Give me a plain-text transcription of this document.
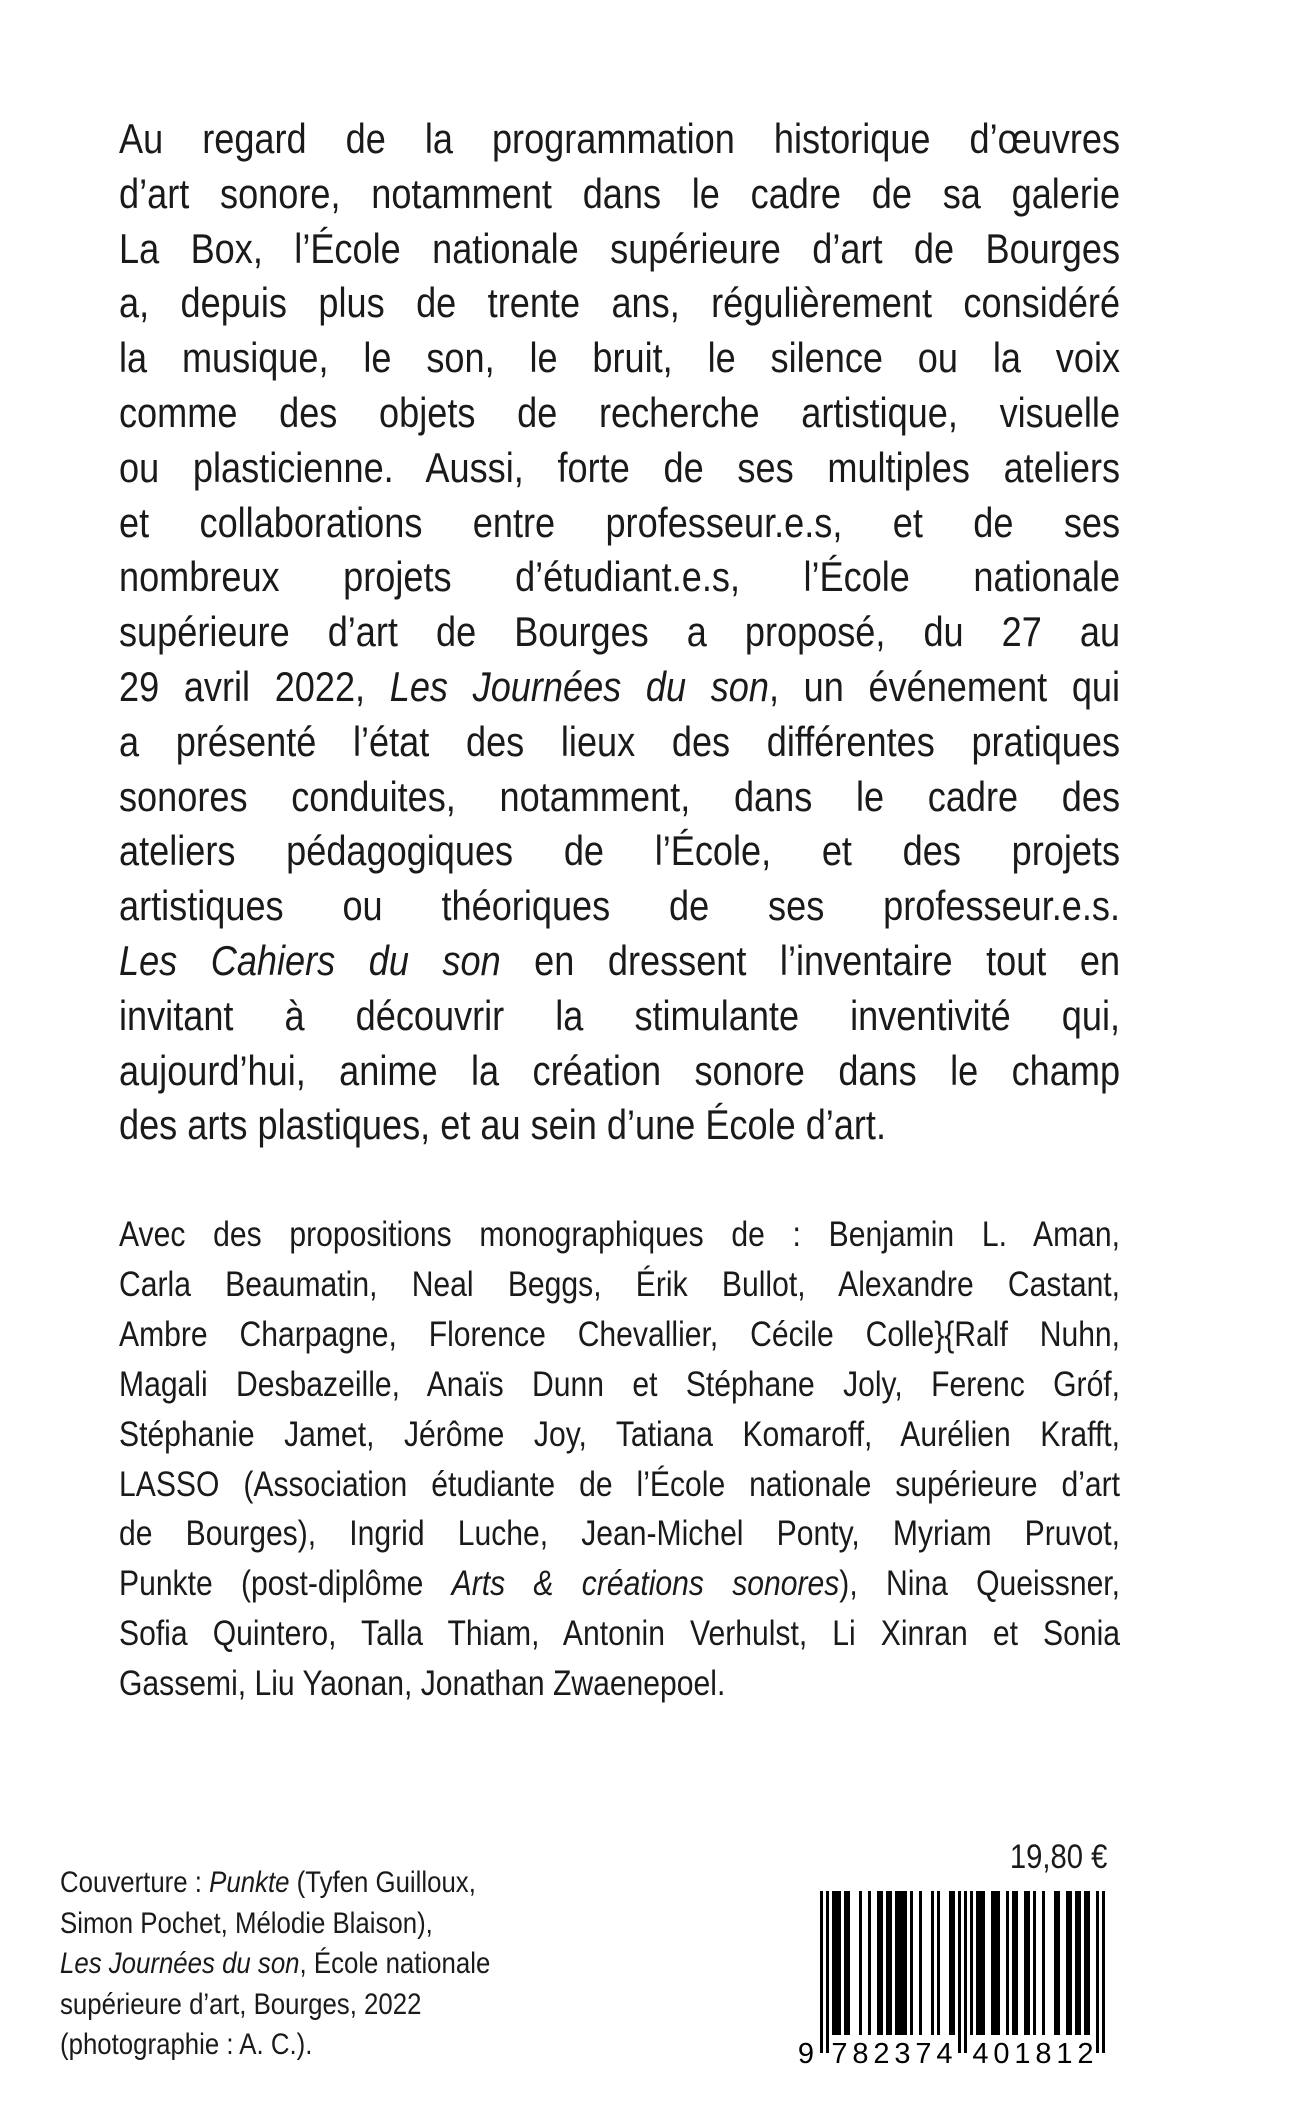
Au regard de la programmation historique d’œuvres
d’art sonore, notamment dans le cadre de sa galerie
La Box, l’École nationale supérieure d’art de Bourges
a, depuis plus de trente ans, régulièrement considéré
la musique, le son, le bruit, le silence ou la voix
comme des objets de recherche artistique, visuelle
ou plasticienne. Aussi, forte de ses multiples ateliers
et collaborations entre professeur.e.s, et de ses
nombreux projets d’étudiant.e.s, l’École nationale
supérieure d’art de Bourges a proposé, du 27 au
29 avril 2022, Les Journées du son, un événement qui
a présenté l’état des lieux des différentes pratiques
sonores conduites, notamment, dans le cadre des
ateliers pédagogiques de l’École, et des projets
artistiques ou théoriques de ses professeur.e.s.
Les Cahiers du son en dressent l’inventaire tout en
invitant à découvrir la stimulante inventivité qui,
aujourd’hui, anime la création sonore dans le champ
des arts plastiques, et au sein d’une École d’art.
Avec des propositions monographiques de : Benjamin L. Aman,
Carla Beaumatin, Neal Beggs, Érik Bullot, Alexandre Castant,
Ambre Charpagne, Florence Chevallier, Cécile Colle}{Ralf Nuhn,
Magali Desbazeille, Anaïs Dunn et Stéphane Joly, Ferenc Gróf,
Stéphanie Jamet, Jérôme Joy, Tatiana Komaroff, Aurélien Krafft,
LASSO (Association étudiante de l’École nationale supérieure d’art
de Bourges), Ingrid Luche, Jean-Michel Ponty, Myriam Pruvot,
Punkte (post-diplôme Arts & créations sonores), Nina Queissner,
Sofia Quintero, Talla Thiam, Antonin Verhulst, Li Xinran et Sonia
Gassemi, Liu Yaonan, Jonathan Zwaenepoel.
Couverture : Punkte (Tyfen Guilloux,
Simon Pochet, Mélodie Blaison),
Les Journées du son, École nationale
supérieure d’art, Bourges, 2022
(photographie : A. C.).
19,80 €
9 7 8 2 3 7 4 4 0 1 8 1 2
